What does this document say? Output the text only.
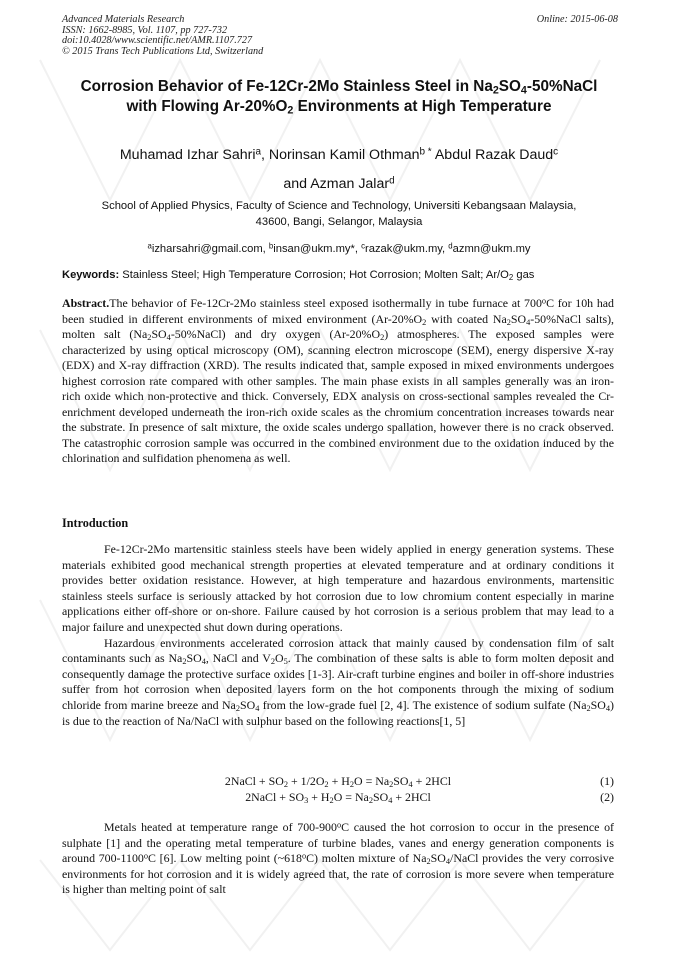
Advanced Materials Research
ISSN: 1662-8985, Vol. 1107, pp 727-732
doi:10.4028/www.scientific.net/AMR.1107.727
© 2015 Trans Tech Publications Ltd, Switzerland
Online: 2015-06-08
Corrosion Behavior of Fe-12Cr-2Mo Stainless Steel in $Na_2SO_4-50\%NaCl$
with Flowing $Ar-20\%O_2$ Environments at High Temperature
Muhamad Izhar Sahri$^a$, Norinsan Kamil Othman$^{b *}$ Abdul Razak Daud$^c$
and Azman Jalar$^d$
School of Applied Physics, Faculty of Science and Technology, Universiti Kebangsaan Malaysia,
43600, Bangi, Selangor, Malaysia
$^a$izharsahri@gmail.com, $^b$insan@ukm.my*, $^c$razak@ukm.my, $^d$azmn@ukm.my
Keywords: Stainless Steel; High Temperature Corrosion; Hot Corrosion; Molten Salt; $Ar/O_2$ gas
Abstract.The behavior of Fe-12Cr-2Mo stainless steel exposed isothermally in tube furnace at 700$^o$C for 10h had been studied in different environments of mixed environment ($Ar-20\%O_2$ with coated $Na_2SO_4-50\%NaCl$ salts), molten salt $(Na_2SO_4-50\%NaCl)$ and dry oxygen $(Ar-20\%O_2)$ atmospheres. The exposed samples were characterized by using optical microscopy (OM), scanning electron microscope (SEM), energy dispersive X-ray (EDX) and X-ray diffraction (XRD). The results indicated that, sample exposed in mixed environments undergoes highest corrosion rate compared with other samples. The main phase exists in all samples generally was an iron-rich oxide which non-protective and thick. Conversely, EDX analysis on cross-sectional samples revealed the Cr-enrichment developed underneath the iron-rich oxide scales as the chromium concentration increases towards near the substrate. In presence of salt mixture, the oxide scales undergo spallation, however there is no crack observed. The catastrophic corrosion sample was occurred in the combined environment due to the oxidation induced by the chlorination and sulfidation phenomena as well.
Introduction

Fe-12Cr-2Mo martensitic stainless steels have been widely applied in energy generation systems. These materials exhibited good mechanical strength properties at elevated temperature and at ordinary conditions it provides better oxidation resistance. However, at high temperature and hazardous environments, martensitic stainless steels surface is seriously attacked by hot corrosion due to low chromium content especially in marine applications either off-shore or on-shore. Failure caused by hot corrosion is a serious problem that may lead to a major failure and unexpected shut down during operations.

Hazardous environments accelerated corrosion attack that mainly caused by condensation film of salt contaminants such as $Na_2SO_4$, NaCl and $V_2O_5$. The combination of these salts is able to form molten deposit and consequently damage the protective surface oxides [1-3]. Air-craft turbine engines and boiler in off-shore industries suffer from hot corrosion when deposited layers form on the hot components through the mixing of sodium chloride from marine breeze and $Na_2SO_4$ from the low-grade fuel [2, 4]. The existence of sodium sulfate $(Na_2SO_4)$ is due to the reaction of Na/NaCl with sulphur based on the following reactions[1, 5]

2NaCl + $SO_2 + 1/2O_2 + H_2O = Na_2SO_4 + 2HCl$	(1)
2NaCl + $SO_3 + H_2O = Na_2SO_4 + 2HCl$	(2)
Metals heated at temperature range of 700-900$^o$C caused the hot corrosion to occur in the presence of sulphate [1] and the operating metal temperature of turbine blades, vanes and energy generation components is around 700-1100$^o$C [6]. Low melting point (~618$^o$C) molten mixture of $Na_2SO_4$/NaCl provides the very corrosive environments for hot corrosion and it is widely agreed that, the rate of corrosion is more severe when temperature is higher than melting point of salt
